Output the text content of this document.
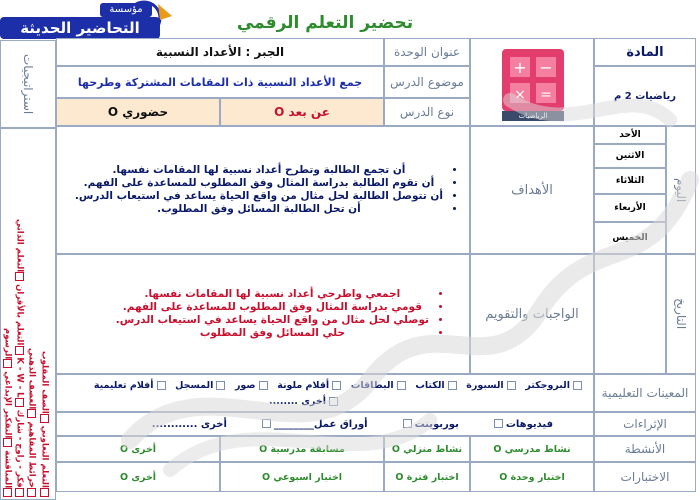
مؤسسة
التحاضير الحديثة	تحضير التعلم الرقمي
المادة
رياضيات 2 م
+ −
× =
الرياضيات
عنوان الوحدة
الجبر : الأعداد النسبية
موضوع الدرس
جمع الأعداد النسبية ذات المقامات المشتركة وطرحها
نوع الدرس
عن بعد O
حضوري O
استراتيجيات
التعلم التعاوني الصف المقلوب
خرائط المفاهيم العصف الذهني
فكر - زاوج - شارك K - W - L التعلم بالأقران التعلم الذاتي
المناقشة التفكير الإبداعي الرسوم
اليوم
الأحد
الاثنين
الثلاثاء
الأربعاء
الخميس
التاريخ
الأهداف
• أن تجمع الطالبة وتطرح أعداد نسبية لها المقامات نفسها.
• أن تقوم الطالبة بدراسة المثال وفق المطلوب للمساعدة على الفهم.
• أن تتوصل الطالبة لحل مثال من واقع الحياة يساعد في استيعاب الدرس.
• أن تحل الطالبة المسائل وفق المطلوب.
الواجبات والتقويم
• اجمعي واطرحي أعداد نسبية لها المقامات نفسها.
• قومي بدراسة المثال وفق المطلوب للمساعدة على الفهم.
• توصلي لحل مثال من واقع الحياة يساعد في استيعاب الدرس.
• حلي المسائل وفق المطلوب
المعينات التعليمية
البروجكتر

السبورة

الكتاب

البطاقات

أقلام ملونة

صور

المسجل

أفلام تعليمية
أخرى ........
الإثراءات
فيديوهات
بوربوينت
أوراق عمل________
أخرى ............
الأنشطة
نشاط مدرسي O
نشاط منزلي O
مسابقة مدرسية O
أخرى O
الاختبارات
اختبار وحدة O
اختبار فترة O
اختبار اسبوعي O
أخرى O
